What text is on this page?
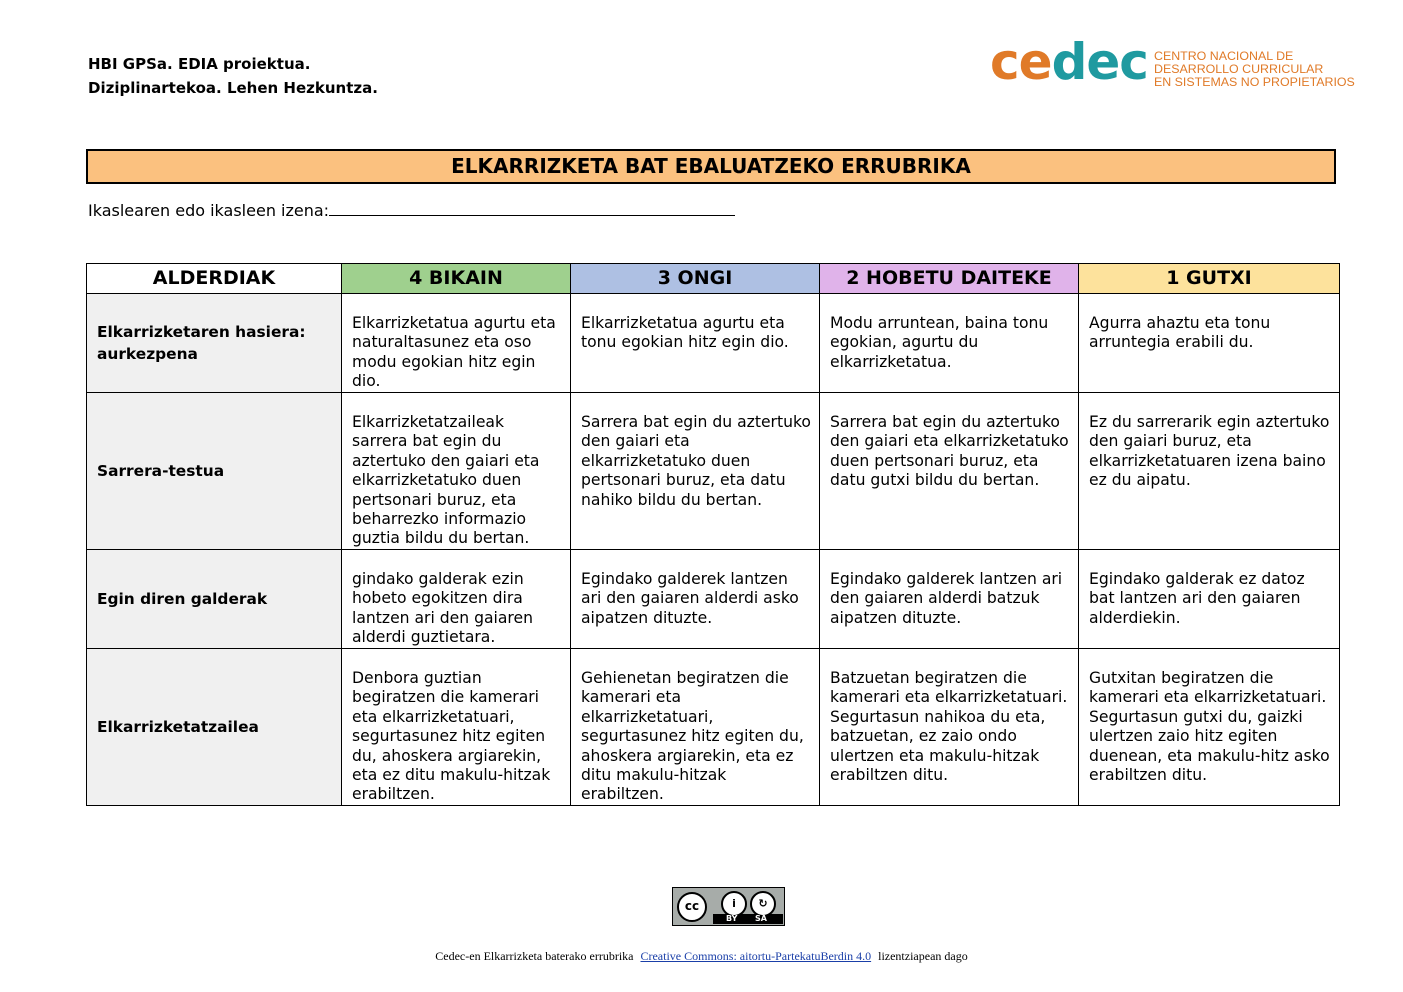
HBI GPSa. EDIA proiektua.
Diziplinartekoa. Lehen Hezkuntza.	cedec CENTRO NACIONAL DE
DESARROLLO CURRICULAR
EN SISTEMAS NO PROPIETARIOS
ELKARRIZKETA BAT EBALUATZEKO ERRUBRIKA
Ikaslearen edo ikasleen izena:
ALDERDIAK	4 BIKAIN	3 ONGI	2 HOBETU DAITEKE	1 GUTXI
Elkarrizketaren hasiera: aurkezpena	Elkarrizketatua agurtu eta naturaltasunez eta oso modu egokian hitz egin dio.	Elkarrizketatua agurtu eta tonu egokian hitz egin dio.	Modu arruntean, baina tonu egokian, agurtu du elkarrizketatua.	Agurra ahaztu eta tonu arruntegia erabili du.
Sarrera-testua	Elkarrizketatzaileak sarrera bat egin du aztertuko den gaiari eta elkarrizketatuko duen pertsonari buruz, eta beharrezko informazio guztia bildu du bertan.	Sarrera bat egin du aztertuko den gaiari eta elkarrizketatuko duen pertsonari buruz, eta datu nahiko bildu du bertan.	Sarrera bat egin du aztertuko den gaiari eta elkarrizketatuko duen pertsonari buruz, eta datu gutxi bildu du bertan.	Ez du sarrerarik egin aztertuko den gaiari buruz, eta elkarrizketatuaren izena baino ez du aipatu.
Egin diren galderak	gindako galderak ezin hobeto egokitzen dira lantzen ari den gaiaren alderdi guztietara.	Egindako galderek lantzen ari den gaiaren alderdi asko aipatzen dituzte.	Egindako galderek lantzen ari den gaiaren alderdi batzuk aipatzen dituzte.	Egindako galderak ez datoz bat lantzen ari den gaiaren alderdiekin.
Elkarrizketatzailea	Denbora guztian begiratzen die kamerari eta elkarrizketatuari, segurtasunez hitz egiten du, ahoskera argiarekin, eta ez ditu makulu-hitzak erabiltzen.	Gehienetan begiratzen die kamerari eta elkarrizketatuari, segurtasunez hitz egiten du, ahoskera argiarekin, eta ez ditu makulu-hitzak erabiltzen.	Batzuetan begiratzen die kamerari eta elkarrizketatuari. Segurtasun nahikoa du eta, batzuetan, ez zaio ondo ulertzen eta makulu-hitzak erabiltzen ditu.	Gutxitan begiratzen die kamerari eta elkarrizketatuari. Segurtasun gutxi du, gaizki ulertzen zaio hitz egiten duenean, eta makulu-hitz asko erabiltzen ditu.
cc	i	↻
BY SA
Cedec-en Elkarrizketa baterako errubrika Creative Commons: aitortu-PartekatuBerdin 4.0 lizentziapean dago
